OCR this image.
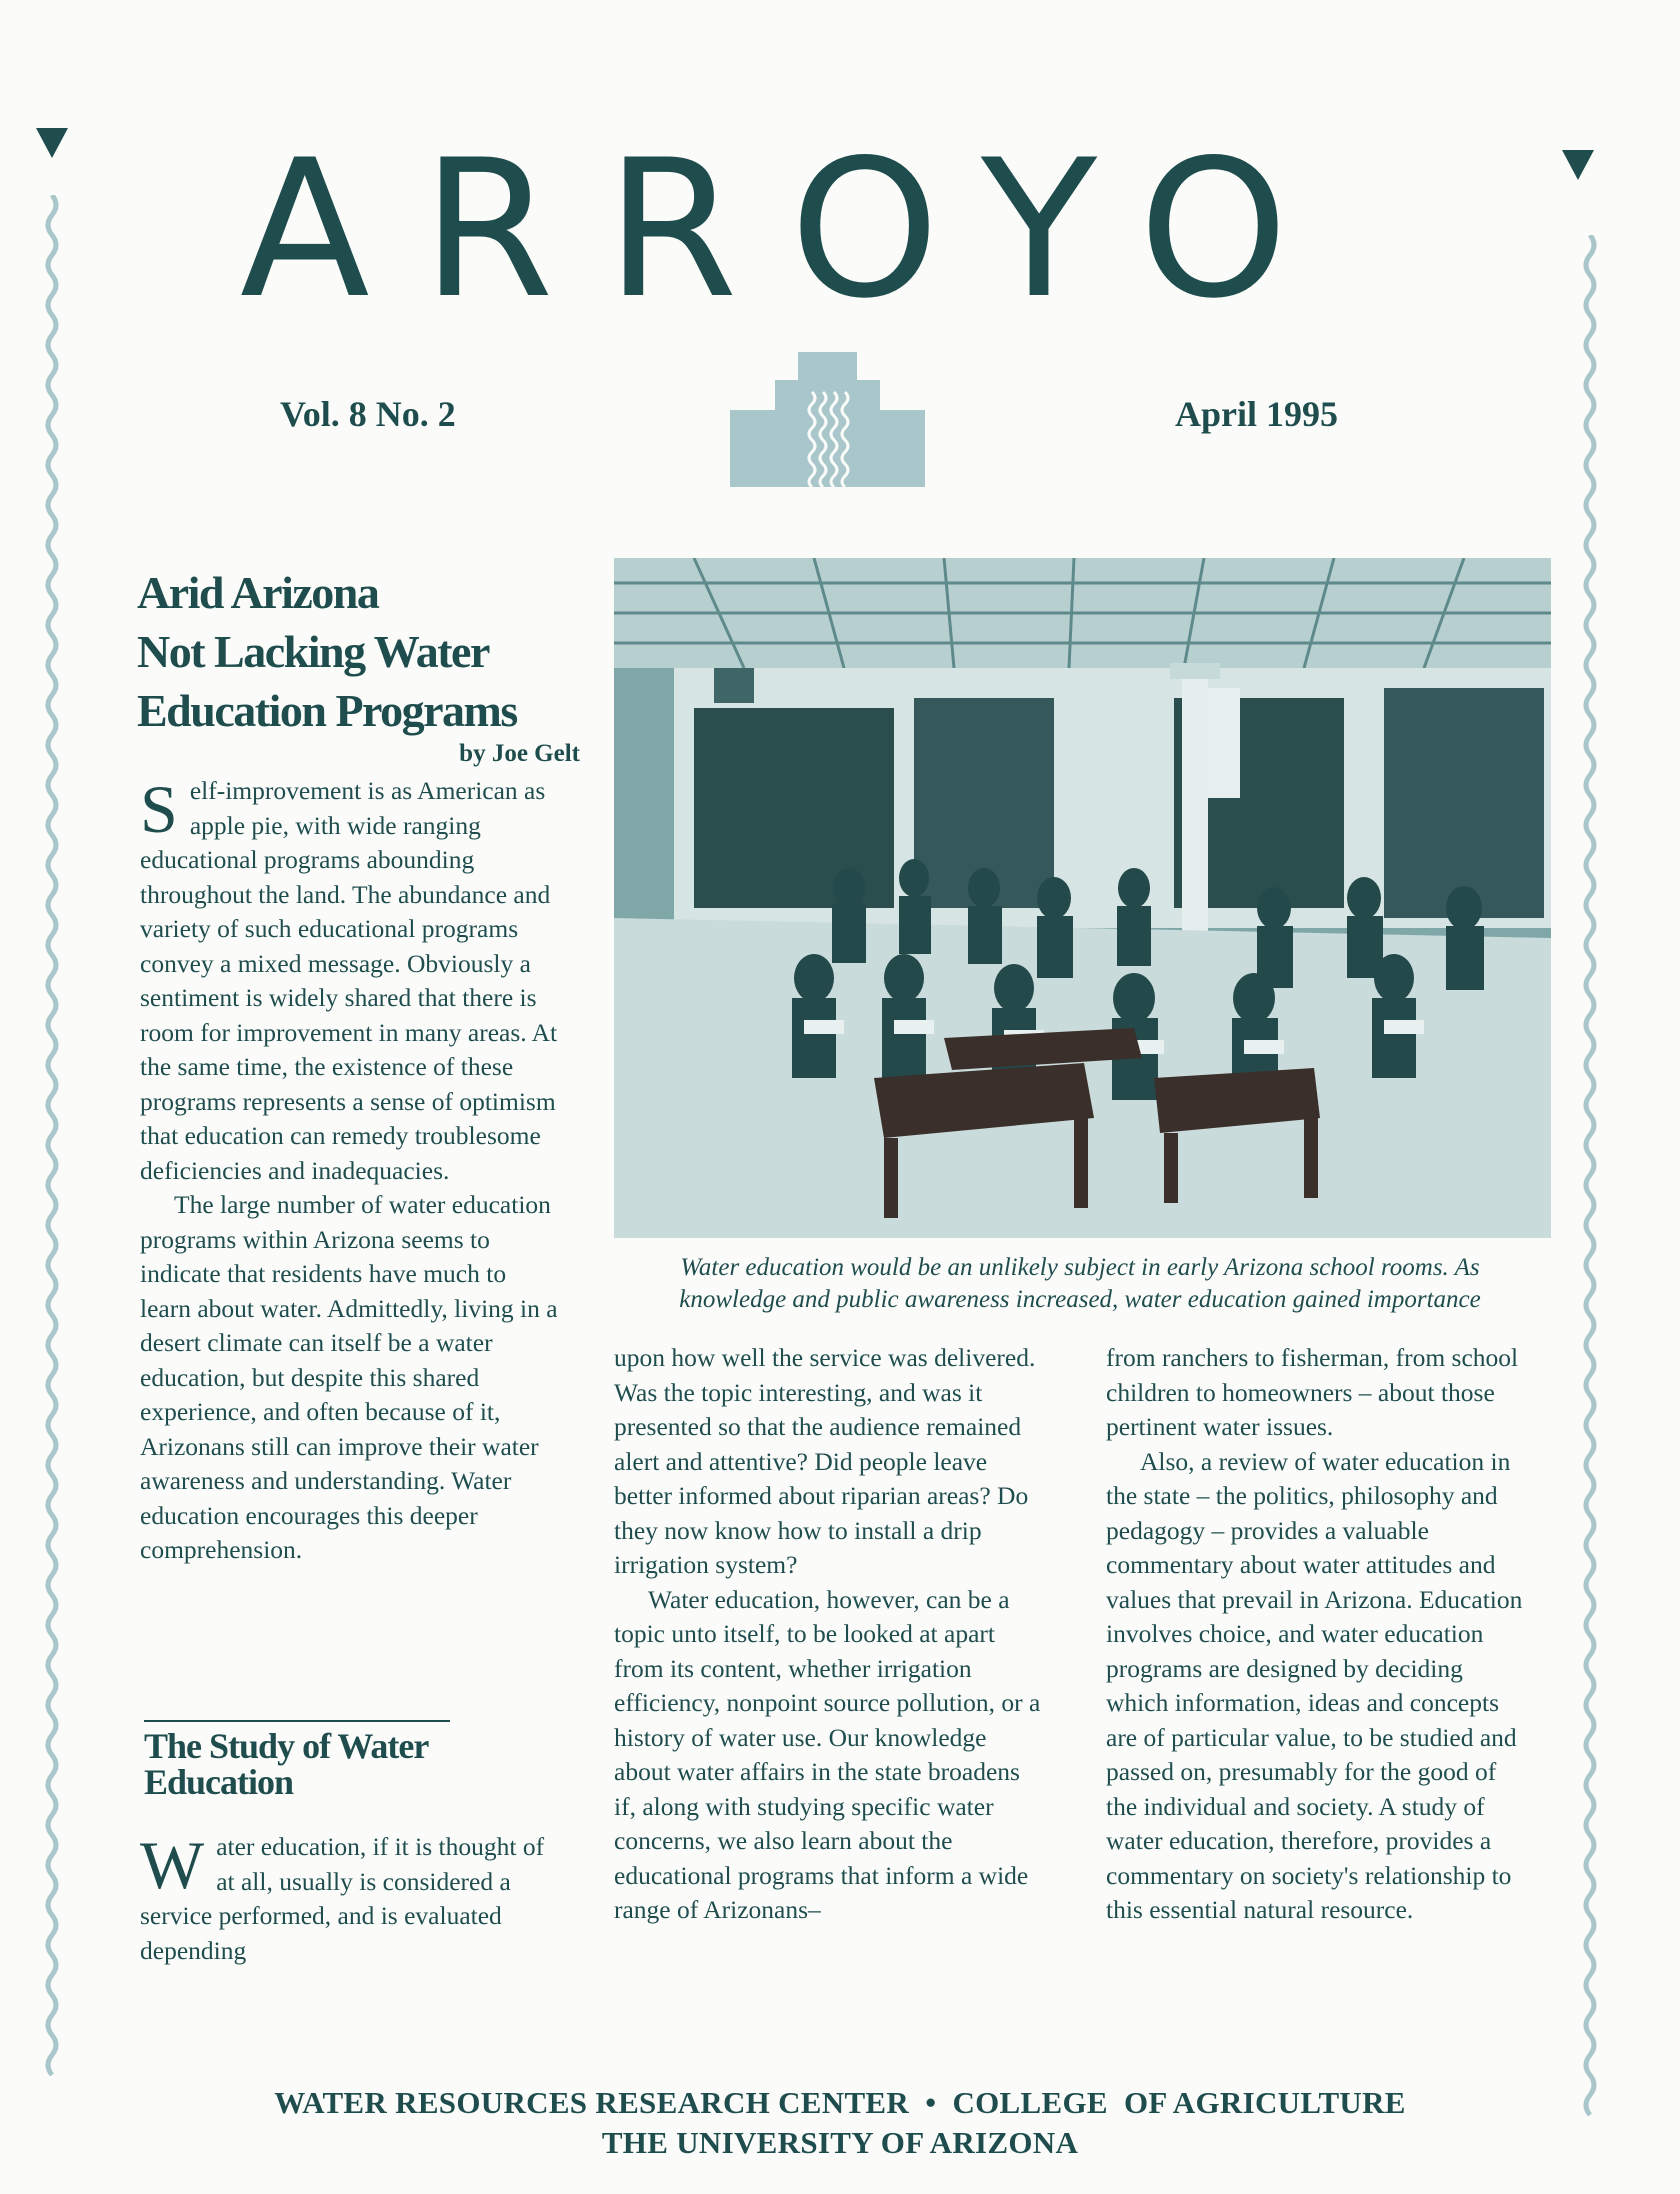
ARROYO
Vol. 8 No. 2	April 1995
Arid Arizona
Not Lacking Water
Education Programs
by Joe Gelt

Self-improvement is as American as apple pie, with wide ranging educational programs abounding throughout the land. The abundance and variety of such educational programs convey a mixed message. Obviously a sentiment is widely shared that there is room for improvement in many areas. At the same time, the existence of these programs represents a sense of optimism that education can remedy troublesome deficiencies and inadequacies.

The large number of water education programs within Arizona seems to indicate that residents have much to learn about water. Admittedly, living in a desert climate can itself be a water education, but despite this shared experience, and often because of it, Arizonans still can improve their water awareness and understanding. Water education encourages this deeper comprehension.

The Study of Water
Education

Water education, if it is thought of at all, usually is considered a service performed, and is evaluated depending

Water education would be an unlikely subject in early Arizona school rooms. As
knowledge and public awareness increased, water education gained importance

upon how well the service was delivered. Was the topic interesting, and was it presented so that the audience remained alert and attentive? Did people leave better informed about riparian areas? Do they now know how to install a drip irrigation system?

Water education, however, can be a topic unto itself, to be looked at apart from its content, whether irrigation efficiency, nonpoint source pollution, or a history of water use. Our knowledge about water affairs in the state broadens if, along with studying specific water concerns, we also learn about the educational programs that inform a wide range of Arizonans–

from ranchers to fisherman, from school children to homeowners – about those pertinent water issues.

Also, a review of water education in the state – the politics, philosophy and pedagogy – provides a valuable commentary about water attitudes and values that prevail in Arizona. Education involves choice, and water education programs are designed by deciding which information, ideas and concepts are of particular value, to be studied and passed on, presumably for the good of the individual and society. A study of water education, therefore, provides a commentary on society's relationship to this essential natural resource.

WATER RESOURCES RESEARCH CENTER  •  COLLEGE  OF AGRICULTURE
THE UNIVERSITY OF ARIZONA
